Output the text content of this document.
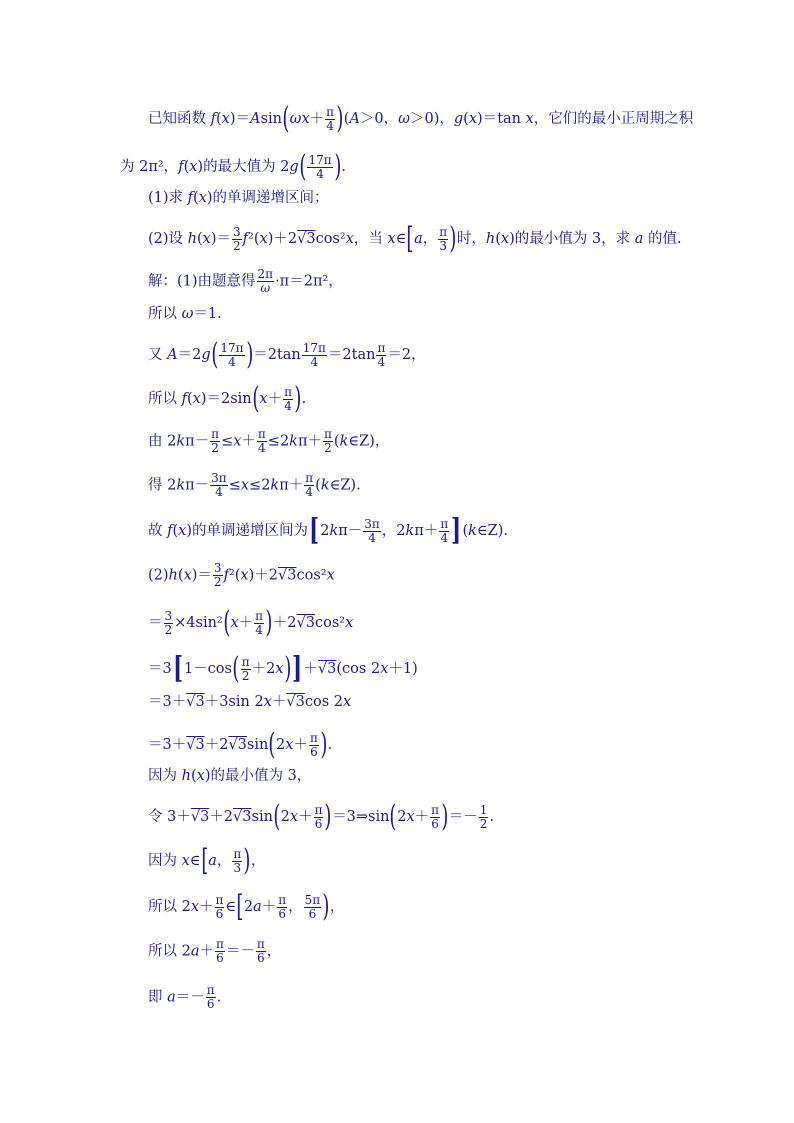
已知函数 $f(x)=Asin(\omega x+ \frac{\pi}{4} )(A>0$，ω＞0)，g(x)＝tan x，它们的最小正周期之积
为 2π²，f(x)的最大值为 $2g( \frac{17\pi}{4}$ ).
(1)求 f(x)的单调递增区间；
(2)设 $h(x)= \frac{3}{2} f^2(x)+2√3\cos^2x$，当 x∈[a， $\frac{\pi}{3}$ )时，h(x)的最小值为 3，求 a 的值.
解：(1)由题意得 $\frac{2\pi}{\omega} \cdot\pi=2\pi^2$，
所以 ω＝1.
又 $A=2g( \frac{17\pi}{4} )=2\tan \frac{17\pi}{4} =2\tan \frac{\pi}{4} =2$，
所以 $f(x)=2\sin(x+ \frac{\pi}{4}$ ).
由 $2k\pi- \frac{\pi}{2} \le x+ \frac{\pi}{4} \le 2k\pi+ \frac{\pi}{2}$ (k∈Z)，
得 $2k\pi- \frac{3\pi}{4} \le x\le 2k\pi+ \frac{\pi}{4}$ (k∈Z).
故 f(x)的单调递增区间为[$2k\pi- \frac{3\pi}{4}$ ，$2k\pi+ \frac{\pi}{4}$ ](k∈Z).
$(2)h(x)= \frac{3}{2} f^2(x)+2√3\cos^2x$
＝ $\frac{3}{2} \times 4\sin^2(x+ \frac{\pi}{4} )+2√3\cos^2x$
$=3[1-\cos( \frac{\pi}{2} +2x)]+√3(\cos$ 2x＋1)
＝3＋√3＋3sin 2x＋√3cos 2x
$=3+√3+2√3\sin(2x+ \frac{\pi}{6}$ ).
因为 h(x)的最小值为 3，
令 $3+√3+2√3\sin(2x+ \frac{\pi}{6}$ )＝3⇒sin(2x＋ $\frac{\pi}{6}$ )＝－ $\frac{1}{2}$ .
因为 x∈[a， $\frac{\pi}{3}$ )，
所以 $2x+ \frac{\pi}{6}$ ∈[2a＋ $\frac{\pi}{6}$ ， $\frac{5\pi}{6}$ )，
所以 $2a+ \frac{\pi}{6} =- \frac{\pi}{6}$ ，
即 $a=- \frac{\pi}{6}$ .
